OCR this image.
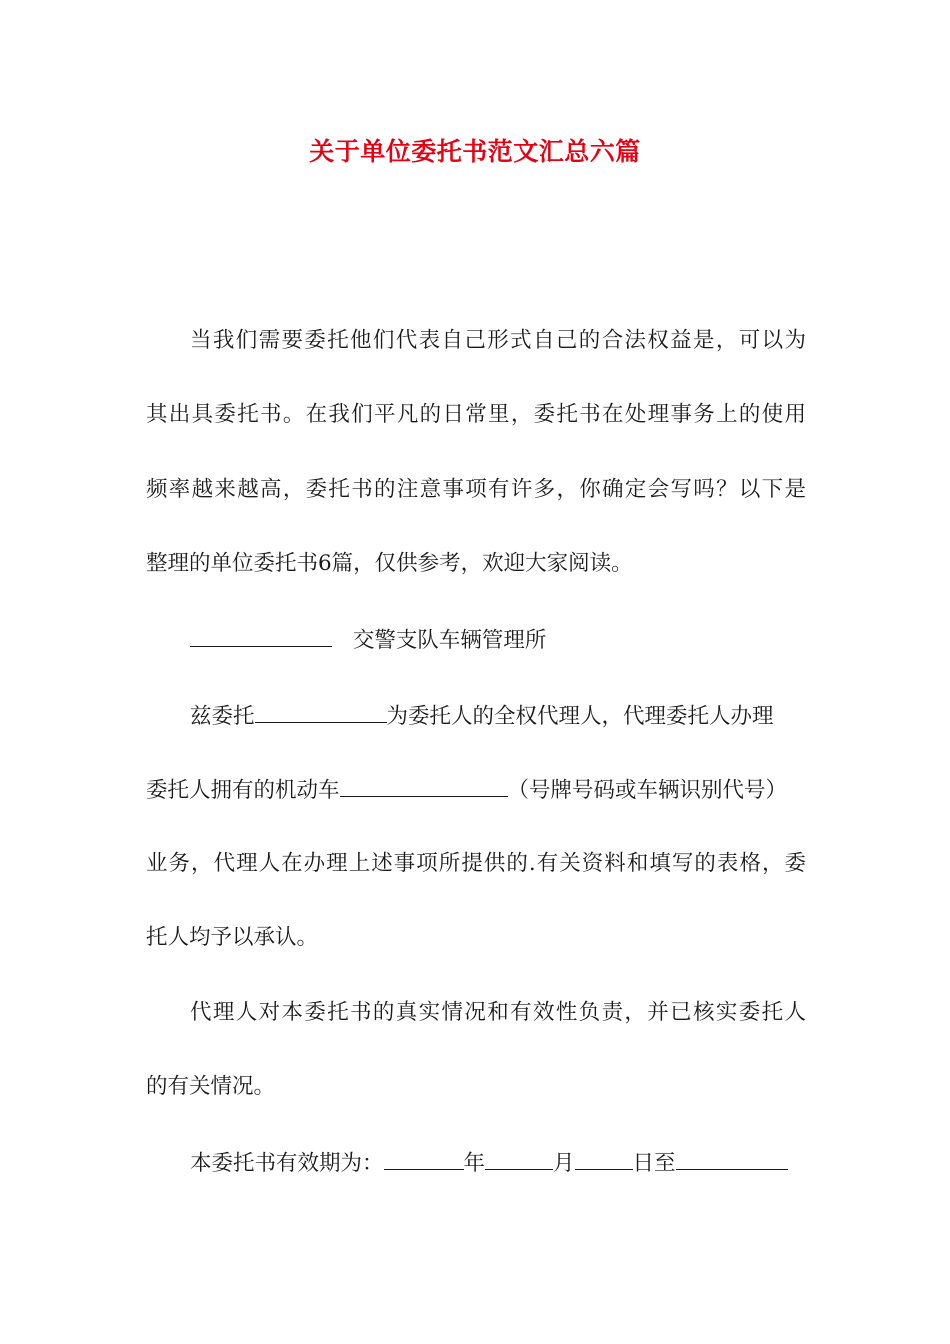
关于单位委托书范文汇总六篇

当我们需要委托他们代表自己形式自己的合法权益是，可以为

其出具委托书。在我们平凡的日常里，委托书在处理事务上的使用

频率越来越高，委托书的注意事项有许多，你确定会写吗？以下是

整理的单位委托书6篇，仅供参考，欢迎大家阅读。

交警支队车辆管理所

兹委托	为委托人的全权代理人，代理委托人办理

委托人拥有的机动车	（号牌号码或车辆识别代号）

业务，代理人在办理上述事项所提供的.有关资料和填写的表格，委

托人均予以承认。

代理人对本委托书的真实情况和有效性负责，并已核实委托人

的有关情况。

本委托书有效期为：	年	月	日至
